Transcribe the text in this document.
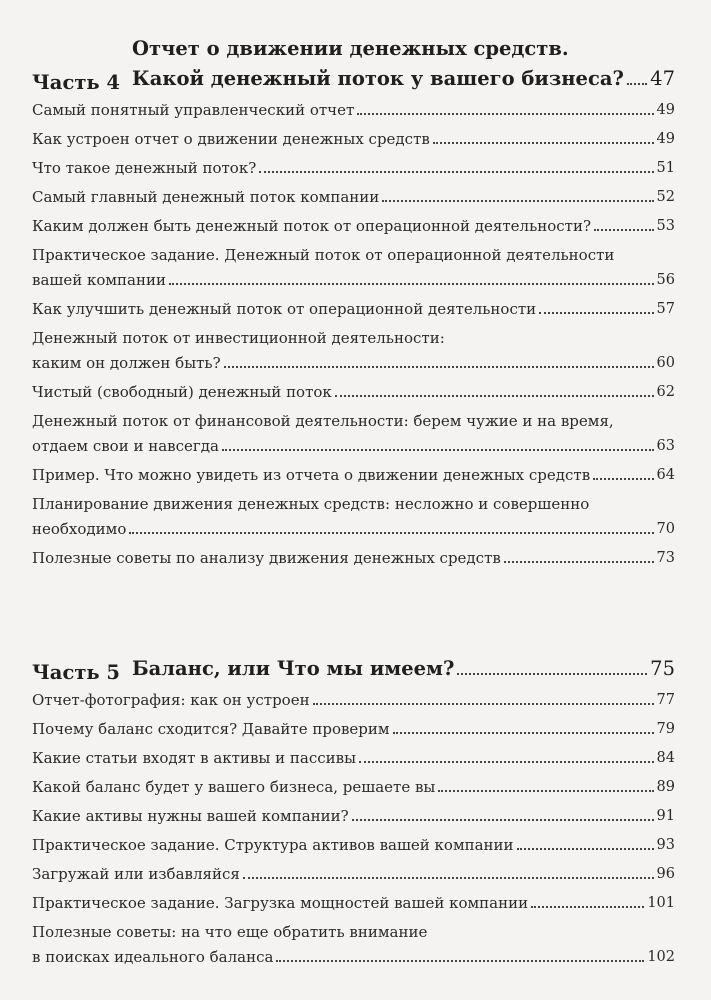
Часть 4
Отчет о движении денежных средств.
Какой денежный поток у вашего бизнеса? 47
Самый понятный управленческий отчет	49
Как устроен отчет о движении денежных средств	49
Что такое денежный поток?	51
Самый главный денежный поток компании	52
Каким должен быть денежный поток от операционной деятельности?	53
Практическое задание. Денежный поток от операционной деятельности
вашей компании	56
Как улучшить денежный поток от операционной деятельности	57
Денежный поток от инвестиционной деятельности:
каким он должен быть?	60
Чистый (свободный) денежный поток	62
Денежный поток от финансовой деятельности: берем чужие и на время,
отдаем свои и навсегда	63
Пример. Что можно увидеть из отчета о движении денежных средств	64
Планирование движения денежных средств: несложно и совершенно
необходимо	70
Полезные советы по анализу движения денежных средств	73
Часть 5 Баланс, или Что мы имеем?	75
Отчет-фотография: как он устроен	77
Почему баланс сходится? Давайте проверим	79
Какие статьи входят в активы и пассивы	84
Какой баланс будет у вашего бизнеса, решаете вы	89
Какие активы нужны вашей компании?	91
Практическое задание. Структура активов вашей компании	93
Загружай или избавляйся	96
Практическое задание. Загрузка мощностей вашей компании	101
Полезные советы: на что еще обратить внимание
в поисках идеального баланса	102
